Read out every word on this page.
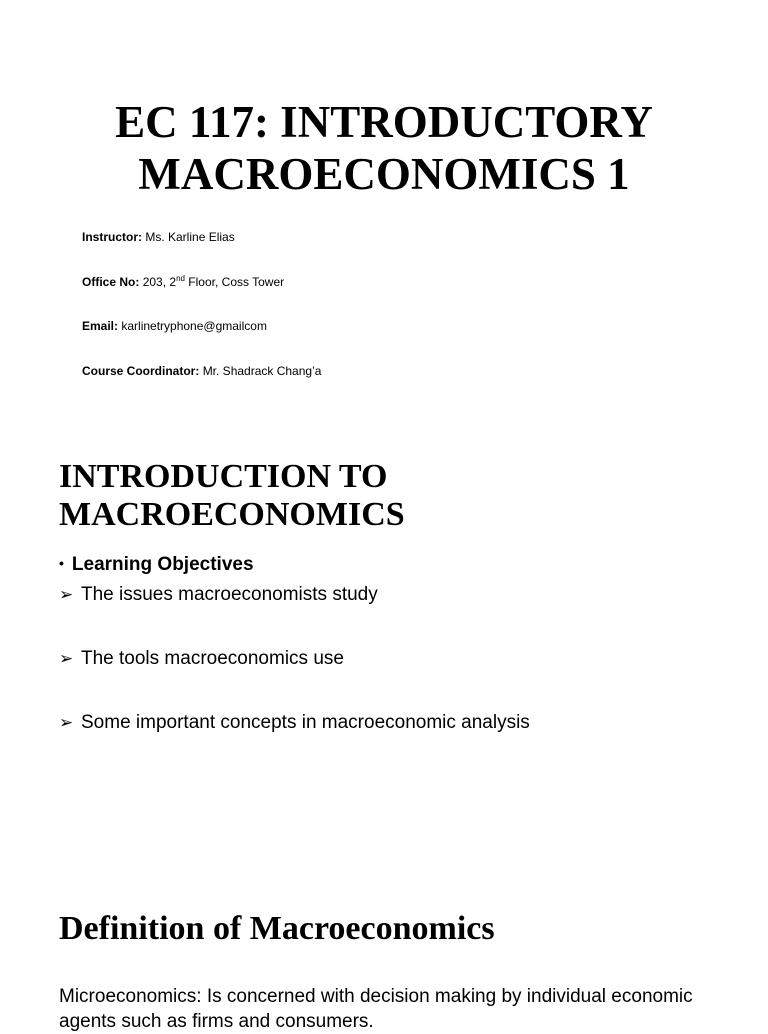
EC 117: INTRODUCTORY
MACROECONOMICS 1
Instructor: Ms. Karline Elias
Office No: 203, 2nd Floor, Coss Tower
Email: karlinetryphone@gmailcom
Course Coordinator: Mr. Shadrack Chang’a
INTRODUCTION TO
MACROECONOMICS
• Learning Objectives
➢ The issues macroeconomists study
➢ The tools macroeconomics use
➢ Some important concepts in macroeconomic analysis
Definition of Macroeconomics
Microeconomics: Is concerned with decision making by individual economic agents such as firms and consumers.
